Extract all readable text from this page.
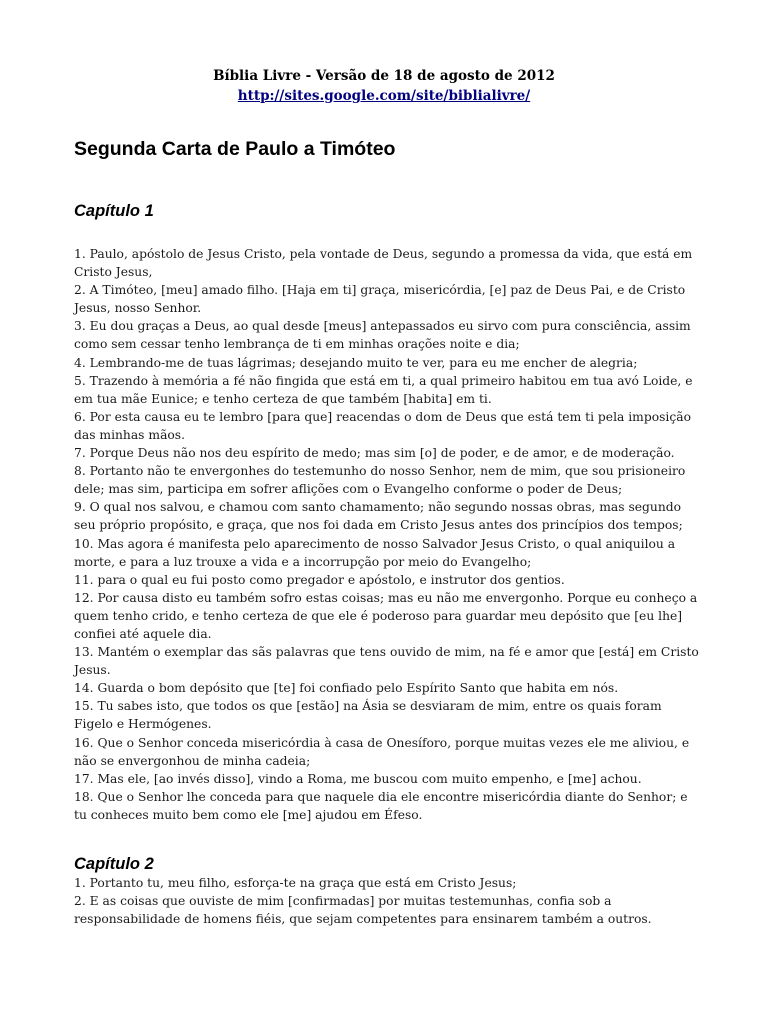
Bíblia Livre - Versão de 18 de agosto de 2012
http://sites.google.com/site/biblialivre/
Segunda Carta de Paulo a Timóteo
Capítulo 1
1. Paulo, apóstolo de Jesus Cristo, pela vontade de Deus, segundo a promessa da vida, que está em Cristo Jesus,
2. A Timóteo, [meu] amado filho. [Haja em ti] graça, misericórdia, [e] paz de Deus Pai, e de Cristo Jesus, nosso Senhor.
3. Eu dou graças a Deus, ao qual desde [meus] antepassados eu sirvo com pura consciência, assim como sem cessar tenho lembrança de ti em minhas orações noite e dia;
4. Lembrando-me de tuas lágrimas; desejando muito te ver, para eu me encher de alegria;
5. Trazendo à memória a fé não fingida que está em ti, a qual primeiro habitou em tua avó Loide, e em tua mãe Eunice; e tenho certeza de que também [habita] em ti.
6. Por esta causa eu te lembro [para que] reacendas o dom de Deus que está tem ti pela imposição das minhas mãos.
7. Porque Deus não nos deu espírito de medo; mas sim [o] de poder, e de amor, e de moderação.
8. Portanto não te envergonhes do testemunho do nosso Senhor, nem de mim, que sou prisioneiro dele; mas sim, participa em sofrer aflições com o Evangelho conforme o poder de Deus;
9. O qual nos salvou, e chamou com santo chamamento; não segundo nossas obras, mas segundo seu próprio propósito, e graça, que nos foi dada em Cristo Jesus antes dos princípios dos tempos;
10. Mas agora é manifesta pelo aparecimento de nosso Salvador Jesus Cristo, o qual aniquilou a morte, e para a luz trouxe a vida e a incorrupção por meio do Evangelho;
11. para o qual eu fui posto como pregador e apóstolo, e instrutor dos gentios.
12. Por causa disto eu também sofro estas coisas; mas eu não me envergonho. Porque eu conheço a quem tenho crido, e tenho certeza de que ele é poderoso para guardar meu depósito que [eu lhe] confiei até aquele dia.
13. Mantém o exemplar das sãs palavras que tens ouvido de mim, na fé e amor que [está] em Cristo Jesus.
14. Guarda o bom depósito que [te] foi confiado pelo Espírito Santo que habita em nós.
15. Tu sabes isto, que todos os que [estão] na Ásia se desviaram de mim, entre os quais foram Figelo e Hermógenes.
16. Que o Senhor conceda misericórdia à casa de Onesíforo, porque muitas vezes ele me aliviou, e não se envergonhou de minha cadeia;
17. Mas ele, [ao invés disso], vindo a Roma, me buscou com muito empenho, e [me] achou.
18. Que o Senhor lhe conceda para que naquele dia ele encontre misericórdia diante do Senhor; e tu conheces muito bem como ele [me] ajudou em Éfeso.
Capítulo 2
1. Portanto tu, meu filho, esforça-te na graça que está em Cristo Jesus;
2. E as coisas que ouviste de mim [confirmadas] por muitas testemunhas, confia sob a responsabilidade de homens fiéis, que sejam competentes para ensinarem também a outros.
